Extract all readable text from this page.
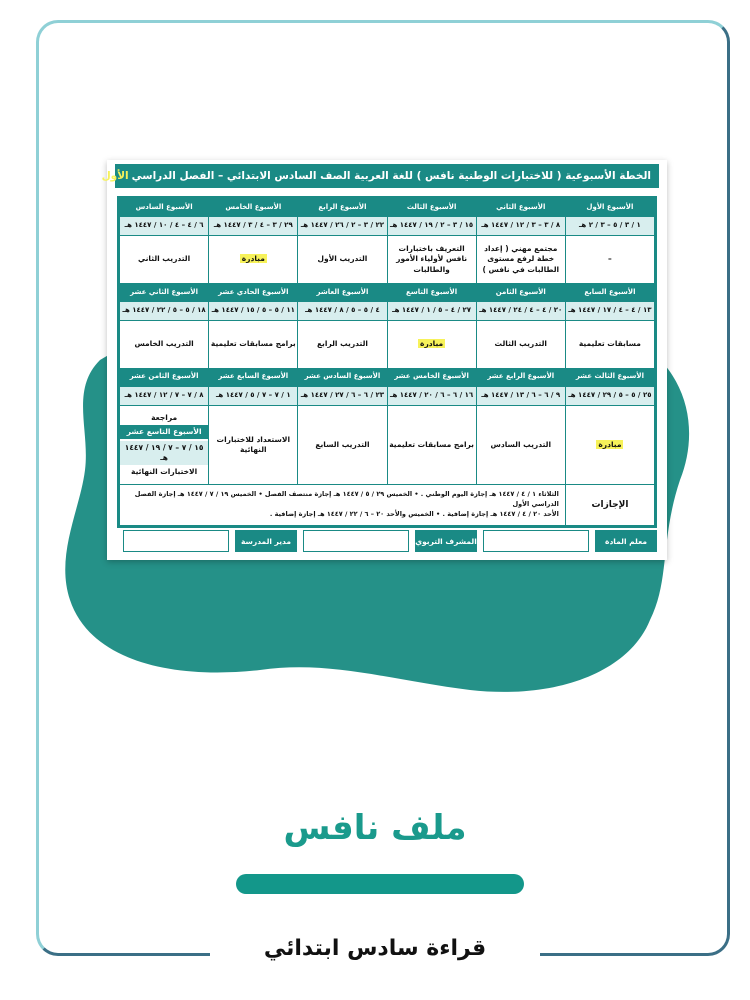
الخطة الأسبوعية ( للاختبارات الوطنية نافس ) للغة العربية الصف السادس الابتدائي – الفصل الدراسي
الأول
– ١٤٤٧ هـ
الأسبوع الأول	الأسبوع الثاني	الأسبوع الثالث	الأسبوع الرابع	الأسبوع الخامس	الأسبوع السادس
١ / ٣ / ٥ – ٣ / ٢ هـ	٨ / ٣ – ٣ / ١٢ / ١٤٤٧ هـ	١٥ / ٣ – ٢ / ١٩ / ١٤٤٧ هـ	٢٢ / ٣ – ٢ / ٢٦ / ١٤٤٧ هـ	٢٩ / ٣ – ٤ / ٣ / ١٤٤٧ هـ	٦ / ٤ – ٤ / ١٠ / ١٤٤٧ هـ
–	مجتمع مهني ( إعداد خطة لرفع مستوى الطالبات في نافس )	التعريف باختبارات نافس لأولياء الأمور والطالبات	التدريب الأول	مبادرة	التدريب الثاني
الأسبوع السابع	الأسبوع الثامن	الأسبوع التاسع	الأسبوع العاشر	الأسبوع الحادي عشر	الأسبوع الثاني عشر
١٣ / ٤ – ٤ / ١٧ / ١٤٤٧ هـ	٢٠ / ٤ – ٤ / ٢٤ / ١٤٤٧ هـ	٢٧ / ٤ – ٥ / ١ / ١٤٤٧ هـ	٤ / ٥ – ٥ / ٨ / ١٤٤٧ هـ	١١ / ٥ – ٥ / ١٥ / ١٤٤٧ هـ	١٨ / ٥ – ٥ / ٢٢ / ١٤٤٧ هـ
مسابقات تعليمية	التدريب الثالث	مبادرة	التدريب الرابع	برامج مسابقات تعليمية	التدريب الخامس
الأسبوع الثالث عشر	الأسبوع الرابع عشر	الأسبوع الخامس عشر	الأسبوع السادس عشر	الأسبوع السابع عشر	الأسبوع الثامن عشر
٢٥ / ٥ – ٥ / ٢٩ / ١٤٤٧ هـ	٩ / ٦ – ٦ / ١٣ / ١٤٤٧ هـ	١٦ / ٦ – ٦ / ٢٠ / ١٤٤٧ هـ	٢٣ / ٦ – ٦ / ٢٧ / ١٤٤٧ هـ	١ / ٧ – ٧ / ٥ / ١٤٤٧ هـ	٨ / ٧ – ٧ / ١٢ / ١٤٤٧ هـ
مبادرة	التدريب السادس	برامج مسابقات تعليمية	التدريب السابع	الاستعداد للاختبارات النهائية	مراجعة
الأسبوع التاسع عشر
١٥ / ٧ – ٧ / ١٩ / ١٤٤٧ هـ
الاختبارات النهائية

الإجازات	الثلاثاء ١ / ٤ / ١٤٤٧ هـ إجازة اليوم الوطني . • الخميس ٢٩ / ٥ / ١٤٤٧ هـ إجازة منتصف الفصل • الخميس ١٩ / ٧ / ١٤٤٧ هـ إجازة الفصل الدراسي الأول
الأحد ٢٠ / ٤ / ١٤٤٧ هـ إجازة إضافية . • الخميس والأحد ٢٠ – ٦ / ٢٢ / ١٤٤٧ هـ إجازة إضافية .				
معلم المادة
المشرف التربوي
مدير المدرسة
ملف نافس
قراءة سادس ابتدائي
